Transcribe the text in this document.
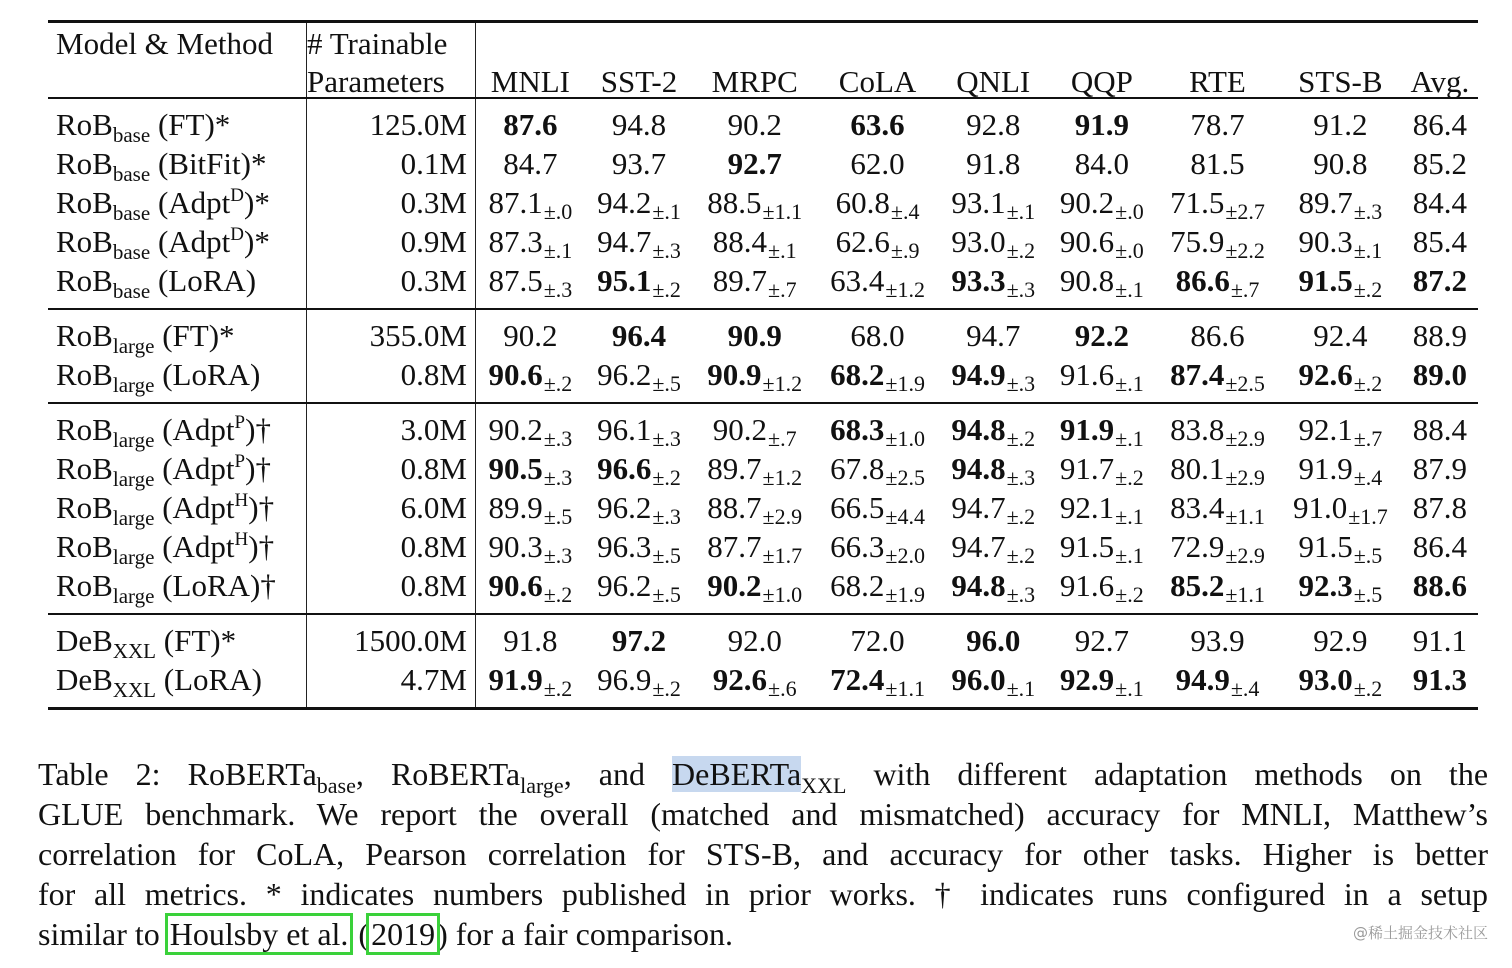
Model & Method	# Trainable									
	Parameters	MNLI	SST-2	MRPC	CoLA	QNLI	QQP	RTE	STS-B	Avg.
RoB$_{base}$ (FT)*	125.0M	87.6	94.8	90.2	63.6	92.8	91.9	78.7	91.2	86.4
RoB$_{base}$ (BitFit)*	0.1M	84.7	93.7	92.7	62.0	91.8	84.0	81.5	90.8	85.2
RoB$_{base}$ (Adpt$^D$)*	0.3M	87.1±.0	94.2±.1	88.5±1.1	60.8±.4	93.1±.1	90.2±.0	71.5±2.7	89.7±.3	84.4
RoB$_{base}$ (Adpt$^D$)*	0.9M	87.3±.1	94.7±.3	88.4±.1	62.6±.9	93.0±.2	90.6±.0	75.9±2.2	90.3±.1	85.4
RoB$_{base}$ (LoRA)	0.3M	87.5±.3	95.1±.2	89.7±.7	63.4±1.2	93.3±.3	90.8±.1	86.6±.7	91.5±.2	87.2
RoB$_{large}$ (FT)*	355.0M	90.2	96.4	90.9	68.0	94.7	92.2	86.6	92.4	88.9
RoB$_{large}$ (LoRA)	0.8M	90.6±.2	96.2±.5	90.9±1.2	68.2±1.9	94.9±.3	91.6±.1	87.4±2.5	92.6±.2	89.0
RoB$_{large}$ (Adpt$^P$)†	3.0M	90.2±.3	96.1±.3	90.2±.7	68.3±1.0	94.8±.2	91.9±.1	83.8±2.9	92.1±.7	88.4
RoB$_{large}$ (Adpt$^P$)†	0.8M	90.5±.3	96.6±.2	89.7±1.2	67.8±2.5	94.8±.3	91.7±.2	80.1±2.9	91.9±.4	87.9
RoB$_{large}$ (Adpt$^H$)†	6.0M	89.9±.5	96.2±.3	88.7±2.9	66.5±4.4	94.7±.2	92.1±.1	83.4±1.1	91.0±1.7	87.8
RoB$_{large}$ (Adpt$^H$)†	0.8M	90.3±.3	96.3±.5	87.7±1.7	66.3±2.0	94.7±.2	91.5±.1	72.9±2.9	91.5±.5	86.4
RoB$_{large}$ (LoRA)†	0.8M	90.6±.2	96.2±.5	90.2±1.0	68.2±1.9	94.8±.3	91.6±.2	85.2±1.1	92.3±.5	88.6
DeB$_{XXL}$ (FT)*	1500.0M	91.8	97.2	92.0	72.0	96.0	92.7	93.9	92.9	91.1
DeB$_{XXL}$ (LoRA)	4.7M	91.9±.2	96.9±.2	92.6±.6	72.4±1.1	96.0±.1	92.9±.1	94.9±.4	93.0±.2	91.3
Table 2: RoBERTa$_{base}$, RoBERTa$_{large}$, and DeBERTa$_{XXL}$ with different adaptation methods on the
GLUE benchmark. We report the overall (matched and mismatched) accuracy for MNLI, Matthew’s
correlation for CoLA, Pearson correlation for STS-B, and accuracy for other tasks. Higher is better
for all metrics. * indicates numbers published in prior works. † indicates runs configured in a setup
similar to Houlsby et al. (2019) for a fair comparison.	@稀土掘金技术社区
